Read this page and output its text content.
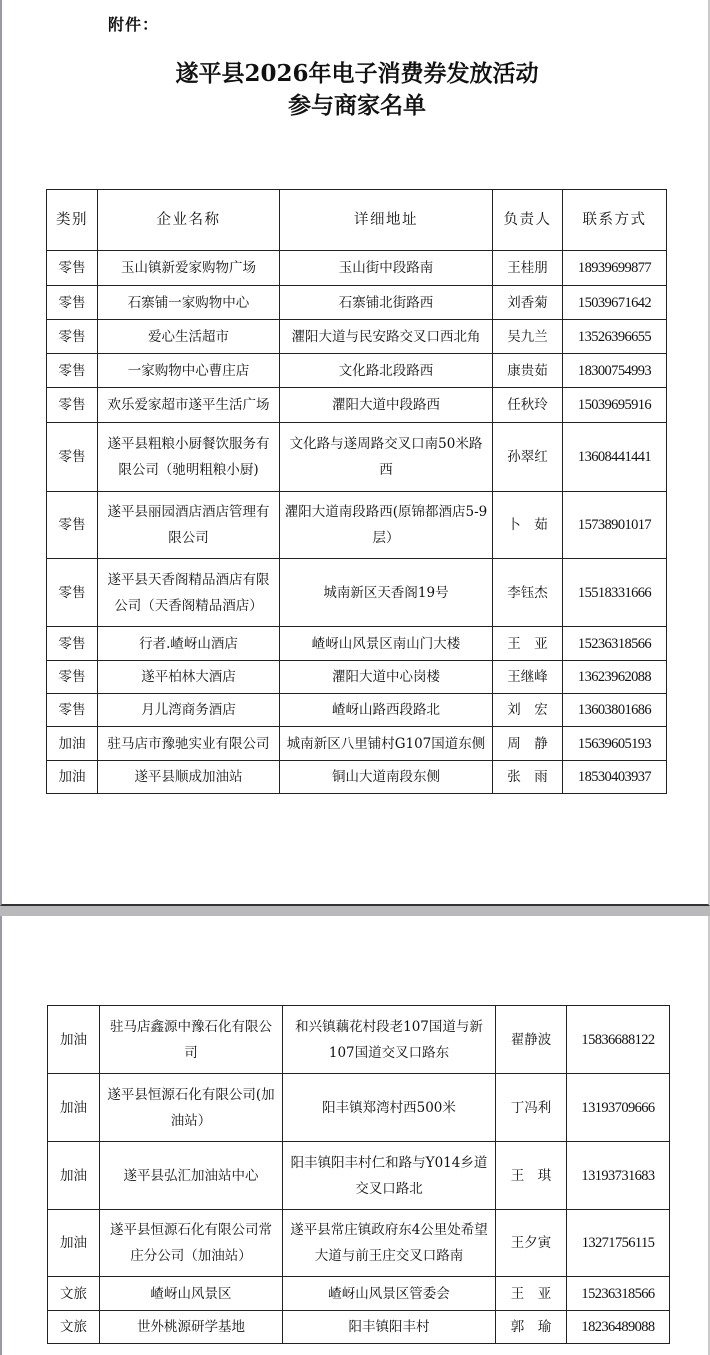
附件：
遂平县2026年电子消费券发放活动
参与商家名单
类别	企业名称	详细地址	负责人	联系方式
零售	玉山镇新爱家购物广场	玉山街中段路南	王桂朋	18939699877
零售	石寨铺一家购物中心	石寨铺北街路西	刘香菊	15039671642
零售	爱心生活超市	灈阳大道与民安路交叉口西北角	吴九兰	13526396655
零售	一家购物中心曹庄店	文化路北段路西	康贵茹	18300754993
零售	欢乐爱家超市遂平生活广场	灈阳大道中段路西	任秋玲	15039695916
零售	遂平县粗粮小厨餐饮服务有限公司（驰明粗粮小厨)	文化路与遂周路交叉口南50米路西	孙翠红	13608441441
零售	遂平县丽园酒店酒店管理有限公司	灈阳大道南段路西(原锦都酒店5-9层）	卜　茹	15738901017
零售	遂平县天香阁精品酒店有限公司（天香阁精品酒店）	城南新区天香阁19号	李钰杰	15518331666
零售	行者.嵖岈山酒店	嵖岈山风景区南山门大楼	王　亚	15236318566
零售	遂平柏林大酒店	灈阳大道中心岗楼	王继峰	13623962088
零售	月儿湾商务酒店	嵖岈山路西段路北	刘　宏	13603801686
加油	驻马店市豫驰实业有限公司	城南新区八里铺村G107国道东侧	周　静	15639605193
加油	遂平县顺成加油站	铜山大道南段东侧	张　雨	18530403937
加油	驻马店鑫源中豫石化有限公司	和兴镇藕花村段老107国道与新107国道交叉口路东	翟静波	15836688122
加油	遂平县恒源石化有限公司(加油站）	阳丰镇郑湾村西500米	丁冯利	13193709666
加油	遂平县弘汇加油站中心	阳丰镇阳丰村仁和路与Y014乡道交叉口路北	王　琪	13193731683
加油	遂平县恒源石化有限公司常庄分公司（加油站）	遂平县常庄镇政府东4公里处希望大道与前王庄交叉口路南	王夕寅	13271756115
文旅	嵖岈山风景区	嵖岈山风景区管委会	王　亚	15236318566
文旅	世外桃源研学基地	阳丰镇阳丰村	郭　瑜	18236489088
